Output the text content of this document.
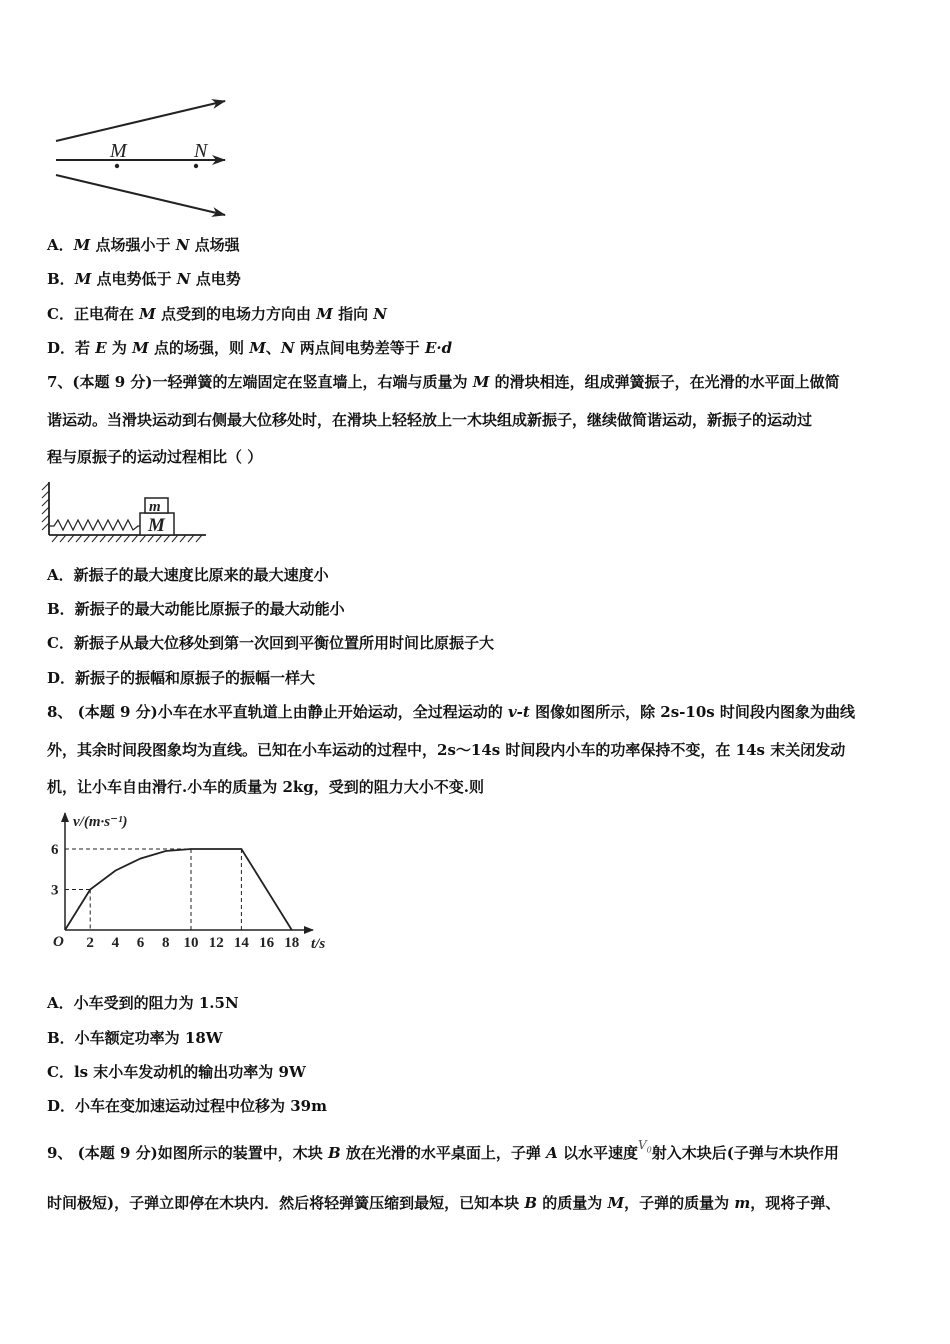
M	N
A．M 点场强小于 N 点场强
B．M 点电势低于 N 点电势
C．正电荷在 M 点受到的电场力方向由 M 指向 N
D．若 E 为 M 点的场强，则 M、N 两点间电势差等于 E·d
7、(本题 9 分)一轻弹簧的左端固定在竖直墙上，右端与质量为 M 的滑块相连，组成弹簧振子，在光滑的水平面上做简
谐运动。当滑块运动到右侧最大位移处时，在滑块上轻轻放上一木块组成新振子，继续做简谐运动，新振子的运动过
程与原振子的运动过程相比（ ）
M
m
A．新振子的最大速度比原来的最大速度小
B．新振子的最大动能比原振子的最大动能小
C．新振子从最大位移处到第一次回到平衡位置所用时间比原振子大
D．新振子的振幅和原振子的振幅一样大
8、 (本题 9 分)小车在水平直轨道上由静止开始运动，全过程运动的 v-t 图像如图所示，除 2s-10s 时间段内图象为曲线
外，其余时间段图象均为直线。已知在小车运动的过程中，2s～14s 时间段内小车的功率保持不变，在 14s 末关闭发动
机，让小车自由滑行.小车的质量为 2kg，受到的阻力大小不变.则
v/(m·s⁻¹)
t/s
O 2 4 6 8 10 12 14 16 18
3
6
A．小车受到的阻力为 1.5N
B．小车额定功率为 18W
C．ls 末小车发动机的输出功率为 9W
D．小车在变加速运动过程中位移为 39m
9、 (本题 9 分)如图所示的装置中，木块 B 放在光滑的水平桌面上，子弹 A 以水平速度$^{V_0}$射入木块后(子弹与木块作用
时间极短)，子弹立即停在木块内．然后将轻弹簧压缩到最短，已知本块 B 的质量为 M，子弹的质量为 m，现将子弹、
